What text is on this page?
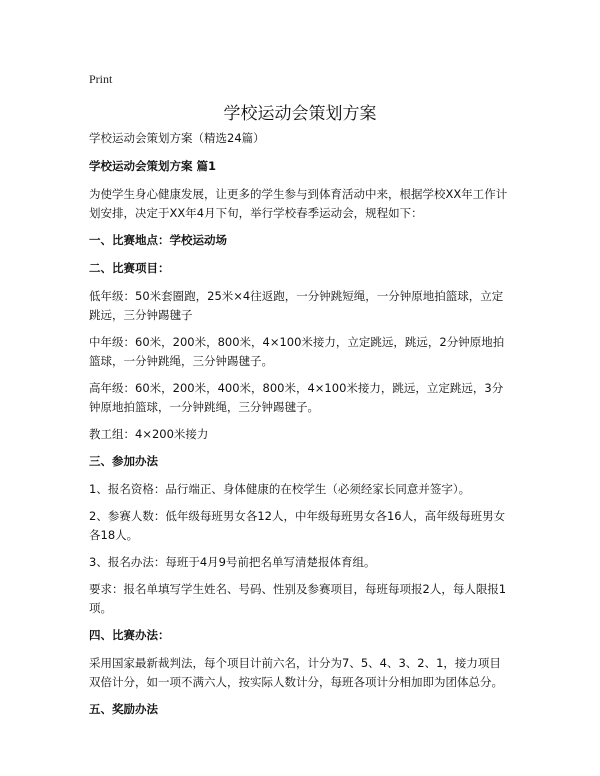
Print
学校运动会策划方案

学校运动会策划方案（精选24篇）

学校运动会策划方案 篇1

为使学生身心健康发展，让更多的学生参与到体育活动中来，根据学校XX年工作计划安排，决定于XX年4月下旬，举行学校春季运动会，规程如下：

一、比赛地点：学校运动场

二、比赛项目：

低年级：50米套圈跑，25米×4往返跑，一分钟跳短绳，一分钟原地拍篮球，立定跳远，三分钟踢毽子

中年级：60米，200米，800米，4×100米接力，立定跳远，跳远，2分钟原地拍篮球，一分钟跳绳，三分钟踢毽子。

高年级：60米，200米，400米，800米，4×100米接力，跳远，立定跳远，3分钟原地拍篮球，一分钟跳绳，三分钟踢毽子。

教工组：4×200米接力

三、参加办法

1、报名资格：品行端正、身体健康的在校学生（必须经家长同意并签字）。

2、参赛人数：低年级每班男女各12人，中年级每班男女各16人，高年级每班男女各18人。

3、报名办法：每班于4月9号前把名单写清楚报体育组。

要求：报名单填写学生姓名、号码、性别及参赛项目，每班每项报2人，每人限报1项。

四、比赛办法：

采用国家最新裁判法，每个项目计前六名，计分为7、5、4、3、2、1，接力项目双倍计分，如一项不满六人，按实际人数计分，每班各项计分相加即为团体总分。

五、奖励办法
